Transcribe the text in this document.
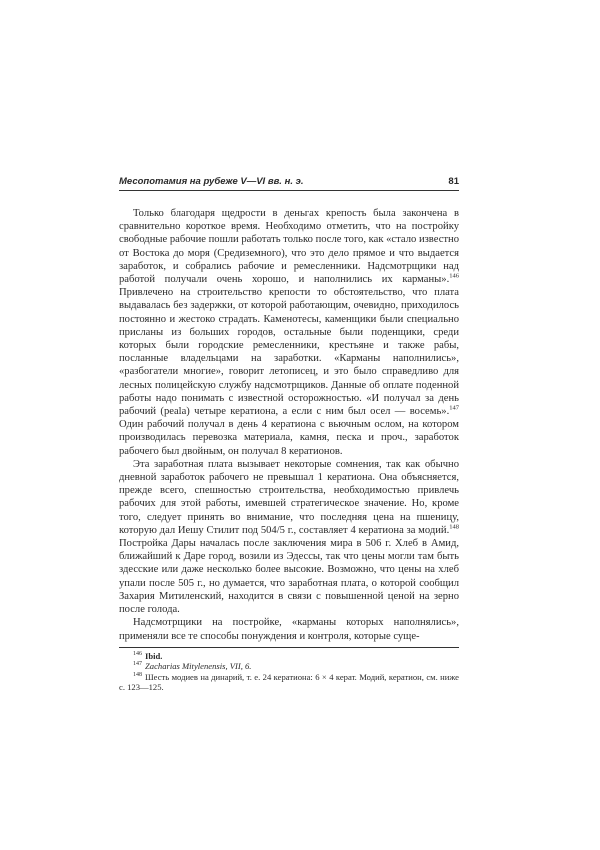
Месопотамия на рубеже V—VI вв. н. э.	81

Только благодаря щедрости в деньгах крепость была закончена в сравнительно короткое время. Необходимо отметить, что на постройку свободные рабочие пошли работать только после того, как «стало известно от Востока до моря (Средиземного), что это дело прямое и что выдается заработок, и собрались рабочие и ремесленники. Надсмотрщики над работой получали очень хорошо, и наполнились их карманы».$^{146}$ Привлечено на строительство крепости то обстоятельство, что плата выдавалась без задержки, от которой работающим, очевидно, приходилось постоянно и жестоко страдать. Каменотесы, каменщики были специально присланы из больших городов, остальные были поденщики, среди которых были городские ремесленники, крестьяне и также рабы, посланные владельцами на заработки. «Карманы наполнились», «разбогатели многие», говорит летописец, и это было справедливо для лесных полицейскую службу надсмотрщиков. Данные об оплате поденной работы надо понимать с известной осторожностью. «И получал за день рабочий (реala) четыре кератиона, а если с ним был осел — восемь».$^{147}$ Один рабочий получал в день 4 кератиона с вьючным ослом, на котором производилась перевозка материала, камня, песка и проч., заработок рабочего был двойным, он получал 8 кератионов.

Эта заработная плата вызывает некоторые сомнения, так как обычно дневной заработок рабочего не превышал 1 кератиона. Она объясняется, прежде всего, спешностью строительства, необходимостью привлечь рабочих для этой работы, имевшей стратегическое значение. Но, кроме того, следует принять во внимание, что последняя цена на пшеницу, которую дал Иешу Стилит под 504/5 г., составляет 4 кератиона за модий.$^{148}$ Постройка Дары началась после заключения мира в 506 г. Хлеб в Амид, ближайший к Даре город, возили из Эдессы, так что цены могли там быть здесские или даже несколько более высокие. Возможно, что цены на хлеб упали после 505 г., но думается, что заработная плата, о которой сообщил Захария Митиленский, находится в связи с повышенной ценой на зерно после голода.

Надсмотрщики на постройке, «карманы которых наполнялись», применяли все те способы понуждения и контроля, которые суще-

$^{146}$ Ibid.

$^{147}$ Zacharias Mitylenensis, VII, 6.

$^{148}$ Шесть модиев на динарий, т. е. 24 кератиона: 6 × 4 керат. Модий, кератион, см. ниже с. 123—125.
